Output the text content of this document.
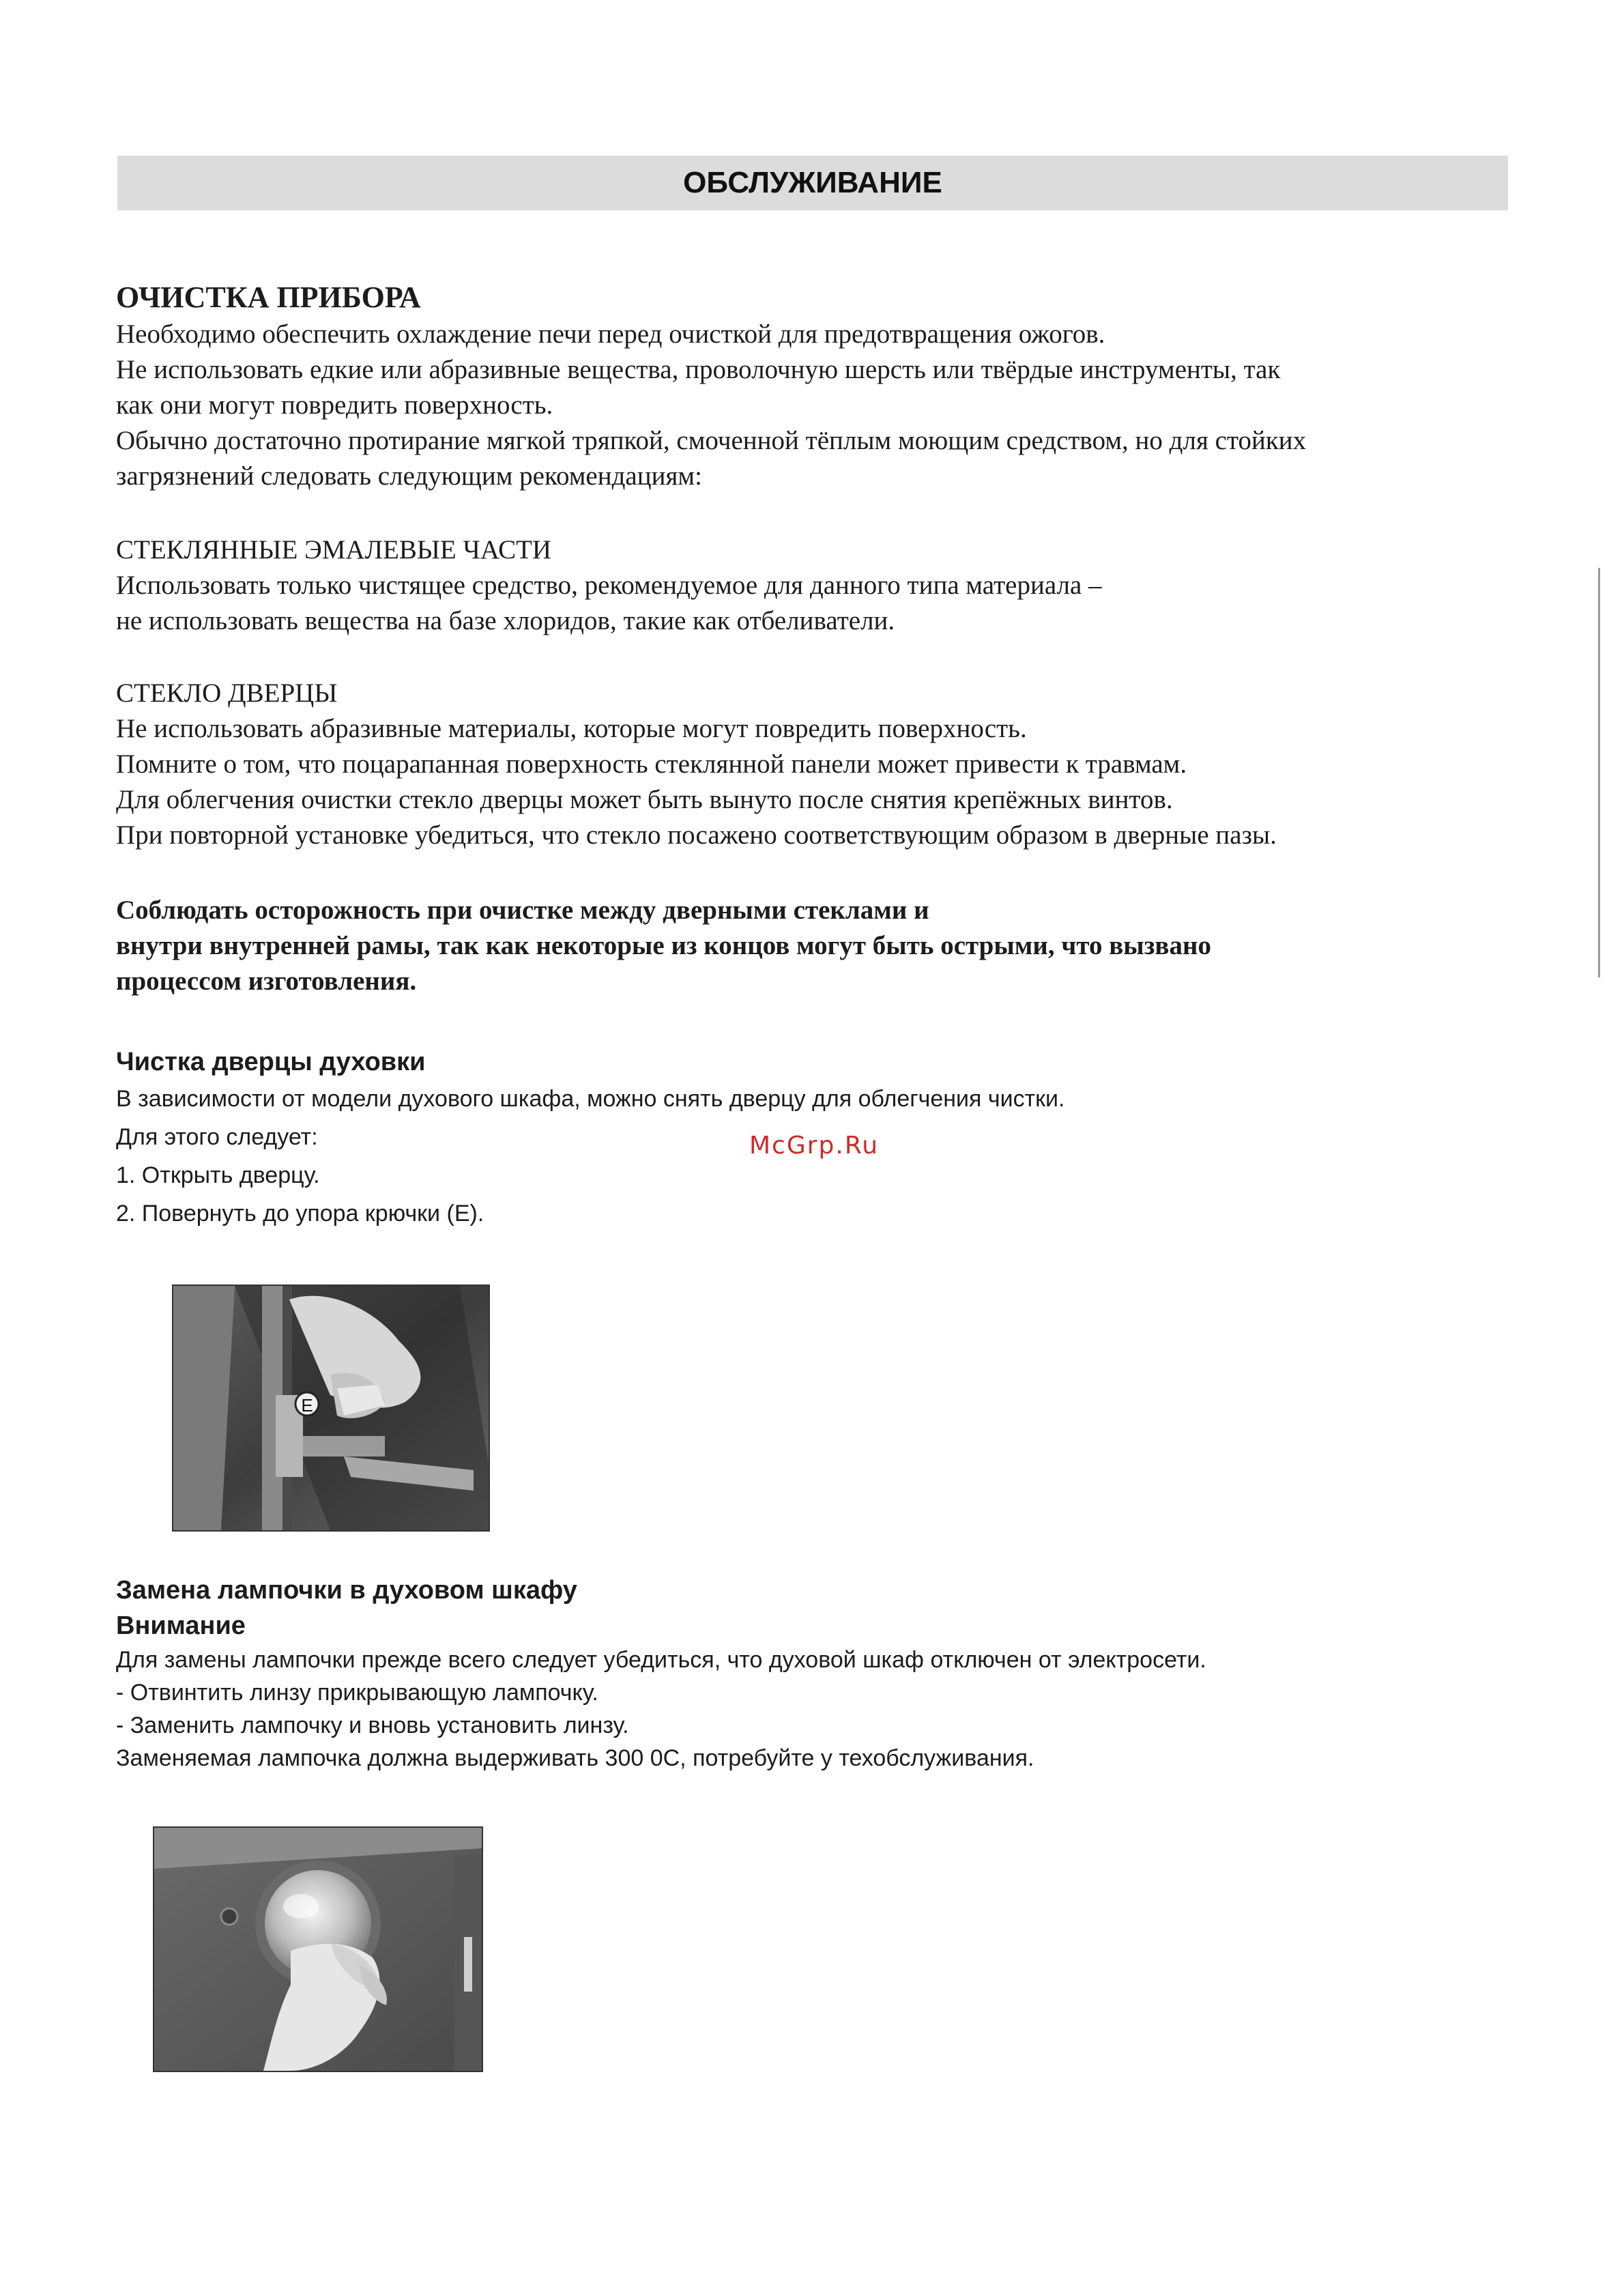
ОБСЛУЖИВАНИЕ
ОЧИСТКА ПРИБОРА

Необходимо обеспечить охлаждение печи перед очисткой для предотвращения ожогов.

Не использовать едкие или абразивные вещества, проволочную шерсть или твёрдые инструменты, так

как они могут повредить поверхность.

Обычно достаточно протирание мягкой тряпкой, смоченной тёплым моющим средством, но для стойких

загрязнений следовать следующим рекомендациям:

СТЕКЛЯННЫЕ ЭМАЛЕВЫЕ ЧАСТИ

Использовать только чистящее средство, рекомендуемое для данного типа материала –

не использовать вещества на базе хлоридов, такие как отбеливатели.

СТЕКЛО ДВЕРЦЫ

Не использовать абразивные материалы, которые могут повредить поверхность.

Помните о том, что поцарапанная поверхность стеклянной панели может привести к травмам.

Для облегчения очистки стекло дверцы может быть вынуто после снятия крепёжных винтов.

При повторной установке убедиться, что стекло посажено соответствующим образом в дверные пазы.

Соблюдать осторожность при очистке между дверными стеклами и

внутри внутренней рамы, так как некоторые из концов могут быть острыми, что вызвано

процессом изготовления.

Чистка дверцы духовки

В зависимости от модели духового шкафа, можно снять дверцу для облегчения чистки.

Для этого следует:

1. Открыть дверцу.

2. Повернуть до упора крючки (E).

McGrp.Ru
E
Замена лампочки в духовом шкафу
Внимание

Для замены лампочки прежде всего следует убедиться, что духовой шкаф отключен от электросети.

- Отвинтить линзу прикрывающую лампочку.

- Заменить лампочку и вновь установить линзу.

Заменяемая лампочка должна выдерживать 300 0С, потребуйте у техобслуживания.
